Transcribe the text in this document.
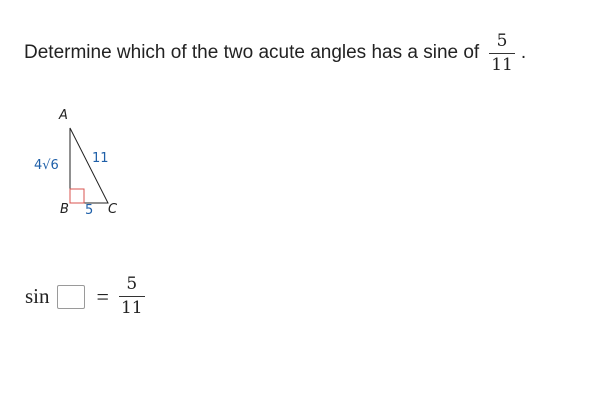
Determine which of the two acute angles has a sine of $\frac{5}{11}$ .
A
B	C
4√6	11
5
$\sin = \frac{5}{11}$
